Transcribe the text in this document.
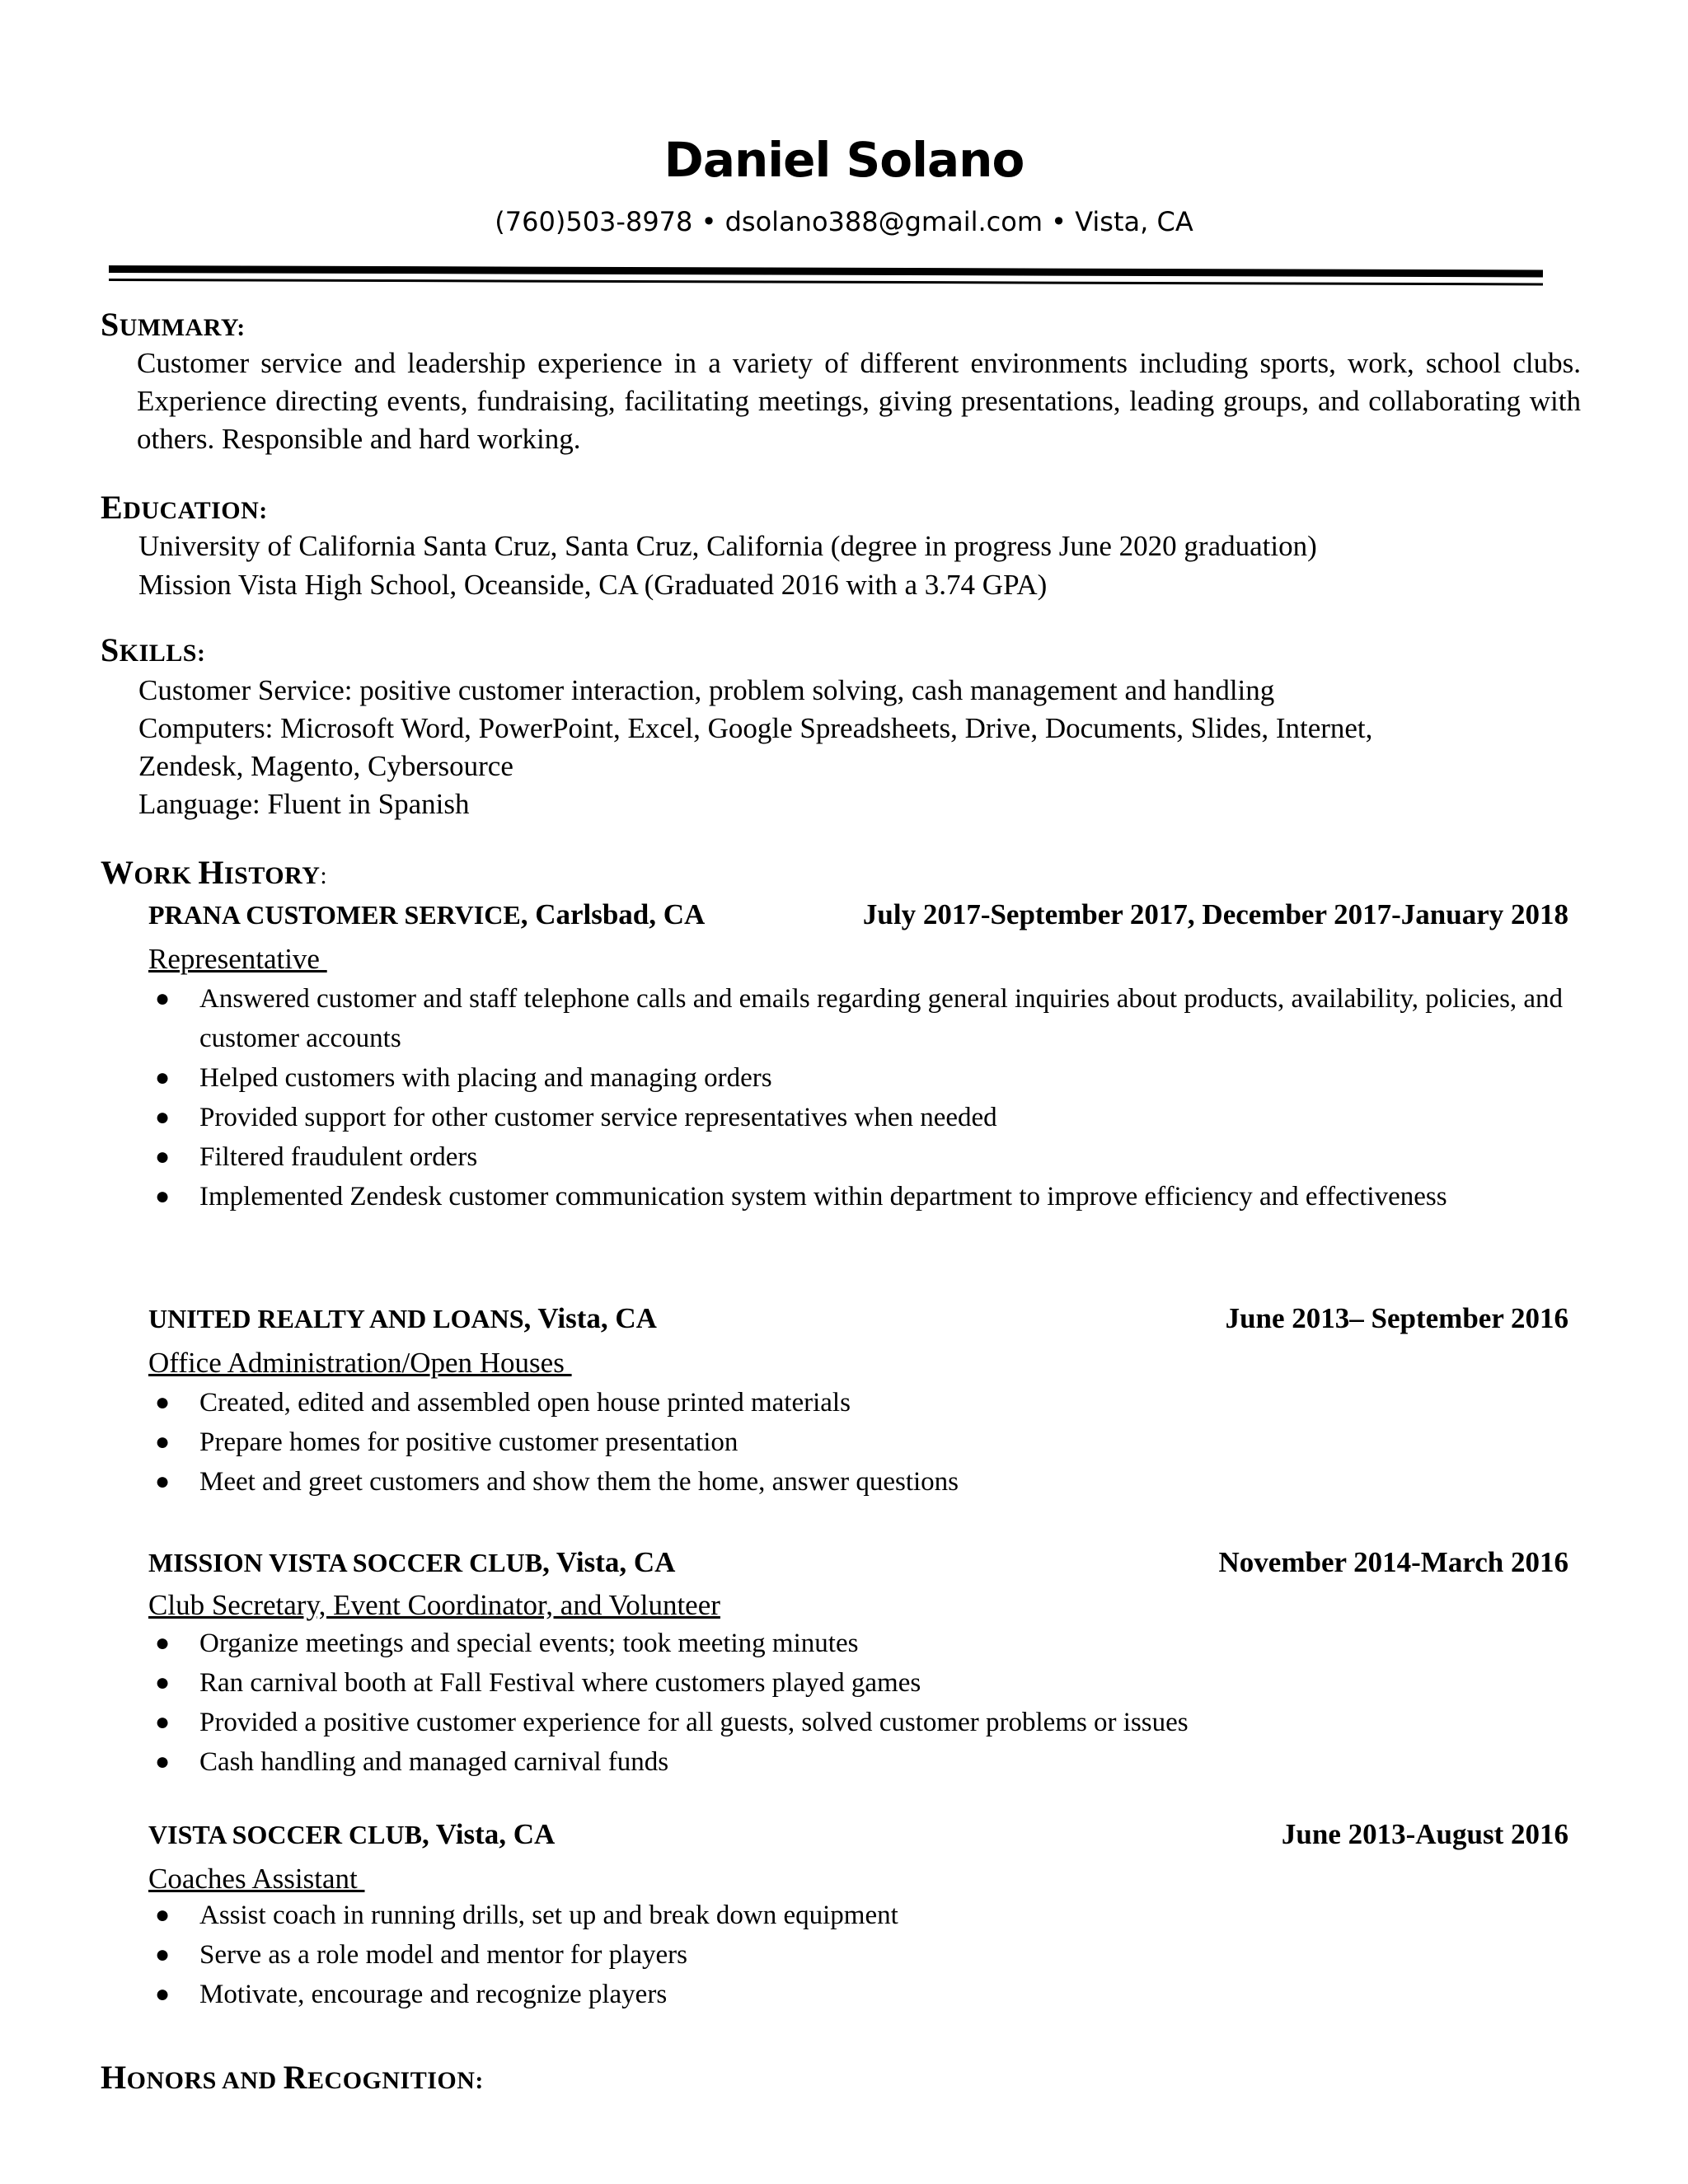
Daniel Solano
(760)503-8978 • dsolano388@gmail.com • Vista, CA
SUMMARY:
Customer service and leadership experience in a variety of different environments including sports, work, school clubs. Experience directing events, fundraising, facilitating meetings, giving presentations, leading groups, and collaborating with others. Responsible and hard working.
EDUCATION:
University of California Santa Cruz, Santa Cruz, California (degree in progress June 2020 graduation)
Mission Vista High School, Oceanside, CA (Graduated 2016 with a 3.74 GPA)
SKILLS:
Customer Service: positive customer interaction, problem solving, cash management and handling
Computers: Microsoft Word, PowerPoint, Excel, Google Spreadsheets, Drive, Documents, Slides, Internet,
Zendesk, Magento, Cybersource
Language: Fluent in Spanish
WORK HISTORY:
PRANA CUSTOMER SERVICE, Carlsbad, CA	July 2017-September 2017, December 2017-January 2018
Representative
● Answered customer and staff telephone calls and emails regarding general inquiries about products, availability, policies, and customer accounts
● Helped customers with placing and managing orders
● Provided support for other customer service representatives when needed
● Filtered fraudulent orders
● Implemented Zendesk customer communication system within department to improve efficiency and effectiveness
UNITED REALTY AND LOANS, Vista, CA	June 2013– September 2016
Office Administration/Open Houses
● Created, edited and assembled open house printed materials
● Prepare homes for positive customer presentation
● Meet and greet customers and show them the home, answer questions
MISSION VISTA SOCCER CLUB, Vista, CA	November 2014-March 2016
Club Secretary, Event Coordinator, and Volunteer
● Organize meetings and special events; took meeting minutes
● Ran carnival booth at Fall Festival where customers played games
● Provided a positive customer experience for all guests, solved customer problems or issues
● Cash handling and managed carnival funds
VISTA SOCCER CLUB, Vista, CA	June 2013-August 2016
Coaches Assistant
● Assist coach in running drills, set up and break down equipment
● Serve as a role model and mentor for players
● Motivate, encourage and recognize players
HONORS AND RECOGNITION:
